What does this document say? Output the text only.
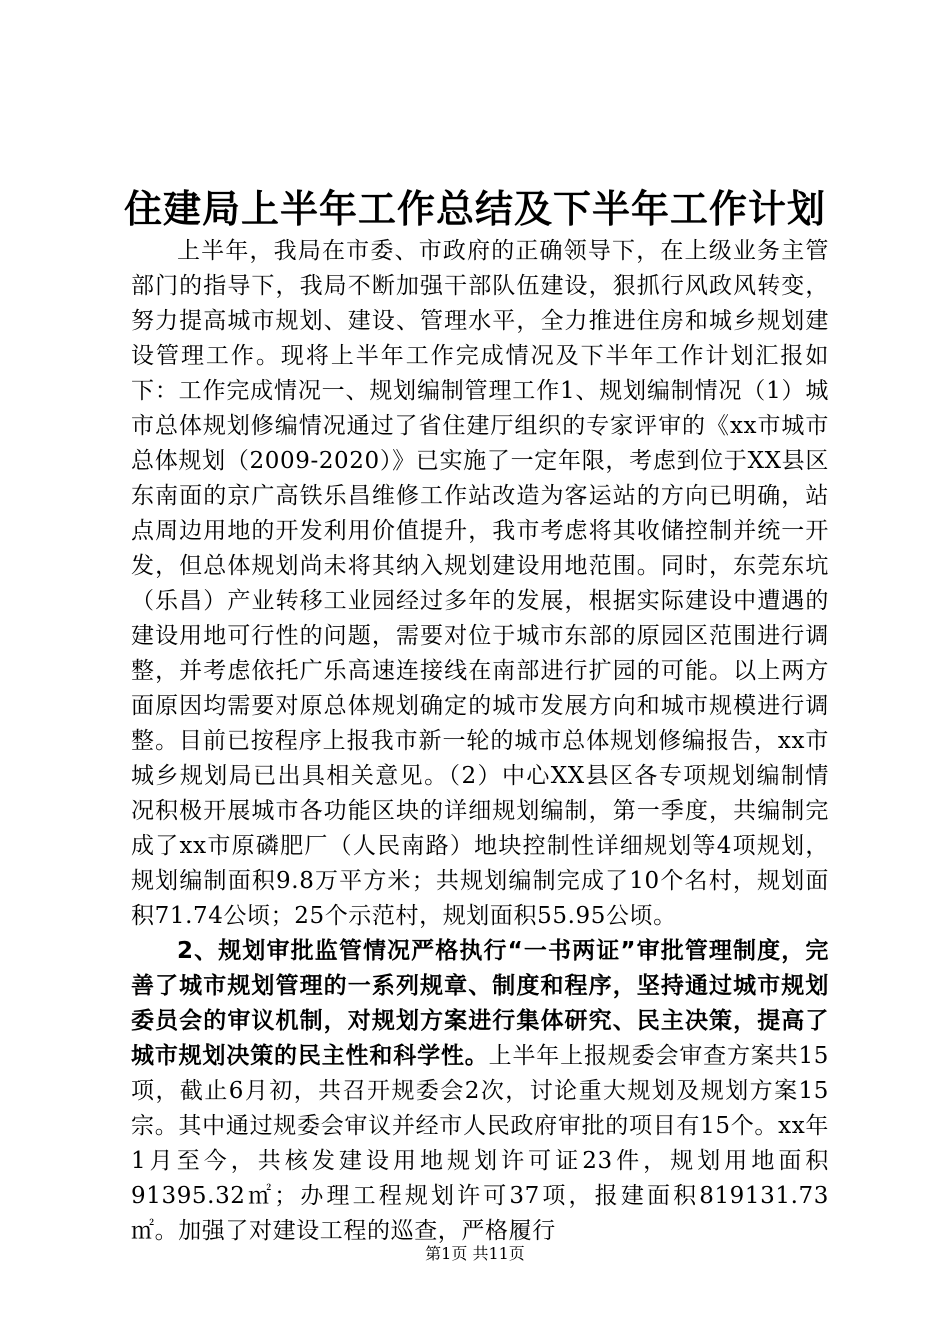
住建局上半年工作总结及下半年工作计划

上半年，我局在市委、市政府的正确领导下，在上级业务主管部门的指导下，我局不断加强干部队伍建设，狠抓行风政风转变，努力提高城市规划、建设、管理水平，全力推进住房和城乡规划建设管理工作。现将上半年工作完成情况及下半年工作计划汇报如下：工作完成情况一、规划编制管理工作1、规划编制情况（1）城市总体规划修编情况通过了省住建厅组织的专家评审的《xx市城市总体规划（2009-2020）》已实施了一定年限，考虑到位于XX县区东南面的京广高铁乐昌维修工作站改造为客运站的方向已明确，站点周边用地的开发利用价值提升，我市考虑将其收储控制并统一开发，但总体规划尚未将其纳入规划建设用地范围。同时，东莞东坑（乐昌）产业转移工业园经过多年的发展，根据实际建设中遭遇的建设用地可行性的问题，需要对位于城市东部的原园区范围进行调整，并考虑依托广乐高速连接线在南部进行扩园的可能。以上两方面原因均需要对原总体规划确定的城市发展方向和城市规模进行调整。目前已按程序上报我市新一轮的城市总体规划修编报告，xx市城乡规划局已出具相关意见。（2）中心XX县区各专项规划编制情况积极开展城市各功能区块的详细规划编制，第一季度，共编制完成了xx市原磷肥厂（人民南路）地块控制性详细规划等4项规划，规划编制面积9.8万平方米；共规划编制完成了10个名村，规划面积71.74公顷；25个示范村，规划面积55.95公顷。

2、规划审批监管情况严格执行“一书两证”审批管理制度，完善了城市规划管理的一系列规章、制度和程序，坚持通过城市规划委员会的审议机制，对规划方案进行集体研究、民主决策，提高了城市规划决策的民主性和科学性。上半年上报规委会审查方案共15项，截止6月初，共召开规委会2次，讨论重大规划及规划方案15宗。其中通过规委会审议并经市人民政府审批的项目有15个。xx年1月至今，共核发建设用地规划许可证23件，规划用地面积91395.32㎡；办理工程规划许可37项，报建面积819131.73㎡。加强了对建设工程的巡查，严格履行

第1页 共11页
